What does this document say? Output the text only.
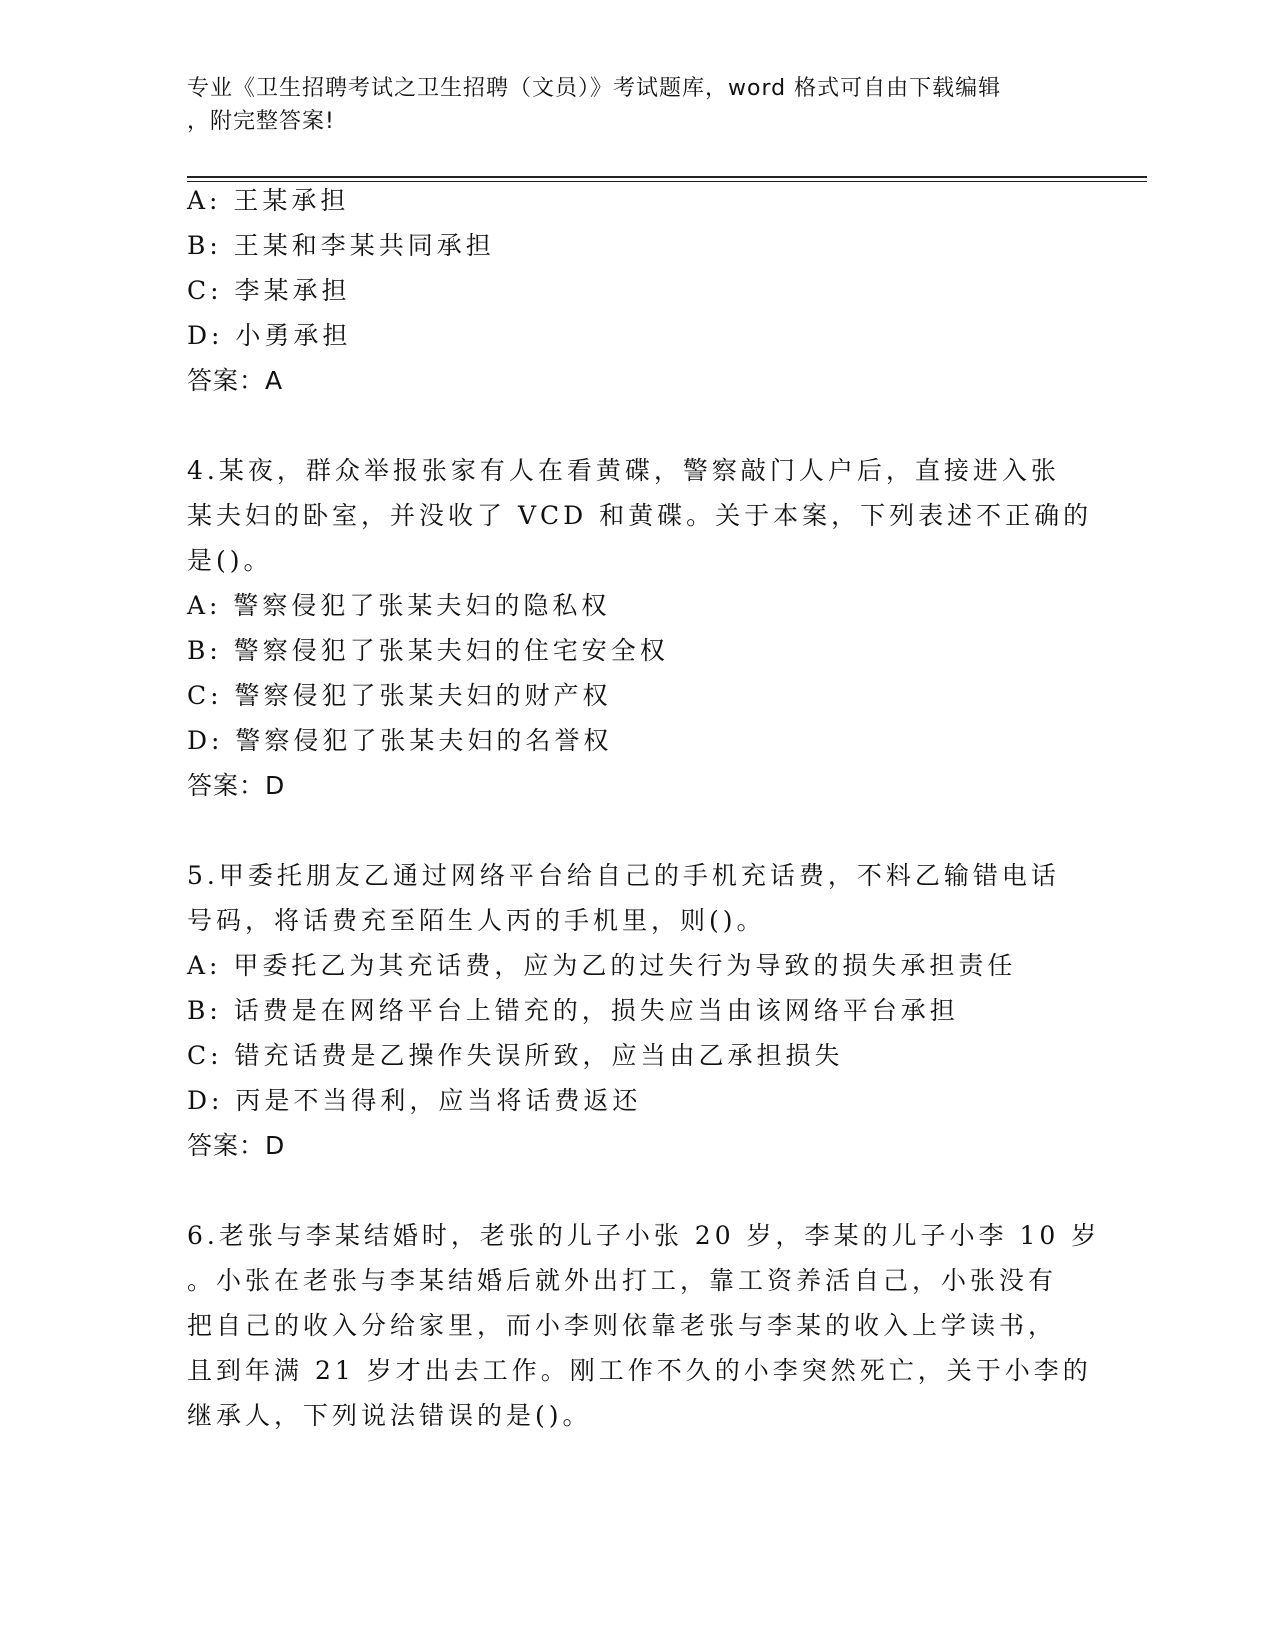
专业《卫生招聘考试之卫生招聘（文员）》考试题库，word 格式可自由下载编辑
，附完整答案!
A: 王某承担
B: 王某和李某共同承担
C: 李某承担
D: 小勇承担
答案：A
4.某夜，群众举报张家有人在看黄碟，警察敲门人户后，直接进入张
某夫妇的卧室，并没收了 VCD 和黄碟。关于本案，下列表述不正确的
是()。
A: 警察侵犯了张某夫妇的隐私权
B: 警察侵犯了张某夫妇的住宅安全权
C: 警察侵犯了张某夫妇的财产权
D: 警察侵犯了张某夫妇的名誉权
答案：D
5.甲委托朋友乙通过网络平台给自己的手机充话费，不料乙输错电话
号码，将话费充至陌生人丙的手机里，则()。
A: 甲委托乙为其充话费，应为乙的过失行为导致的损失承担责任
B: 话费是在网络平台上错充的，损失应当由该网络平台承担
C: 错充话费是乙操作失误所致，应当由乙承担损失
D: 丙是不当得利，应当将话费返还
答案：D
6.老张与李某结婚时，老张的儿子小张 20 岁，李某的儿子小李 10 岁
。小张在老张与李某结婚后就外出打工，靠工资养活自己，小张没有
把自己的收入分给家里，而小李则依靠老张与李某的收入上学读书，
且到年满 21 岁才出去工作。刚工作不久的小李突然死亡，关于小李的
继承人，下列说法错误的是()。
